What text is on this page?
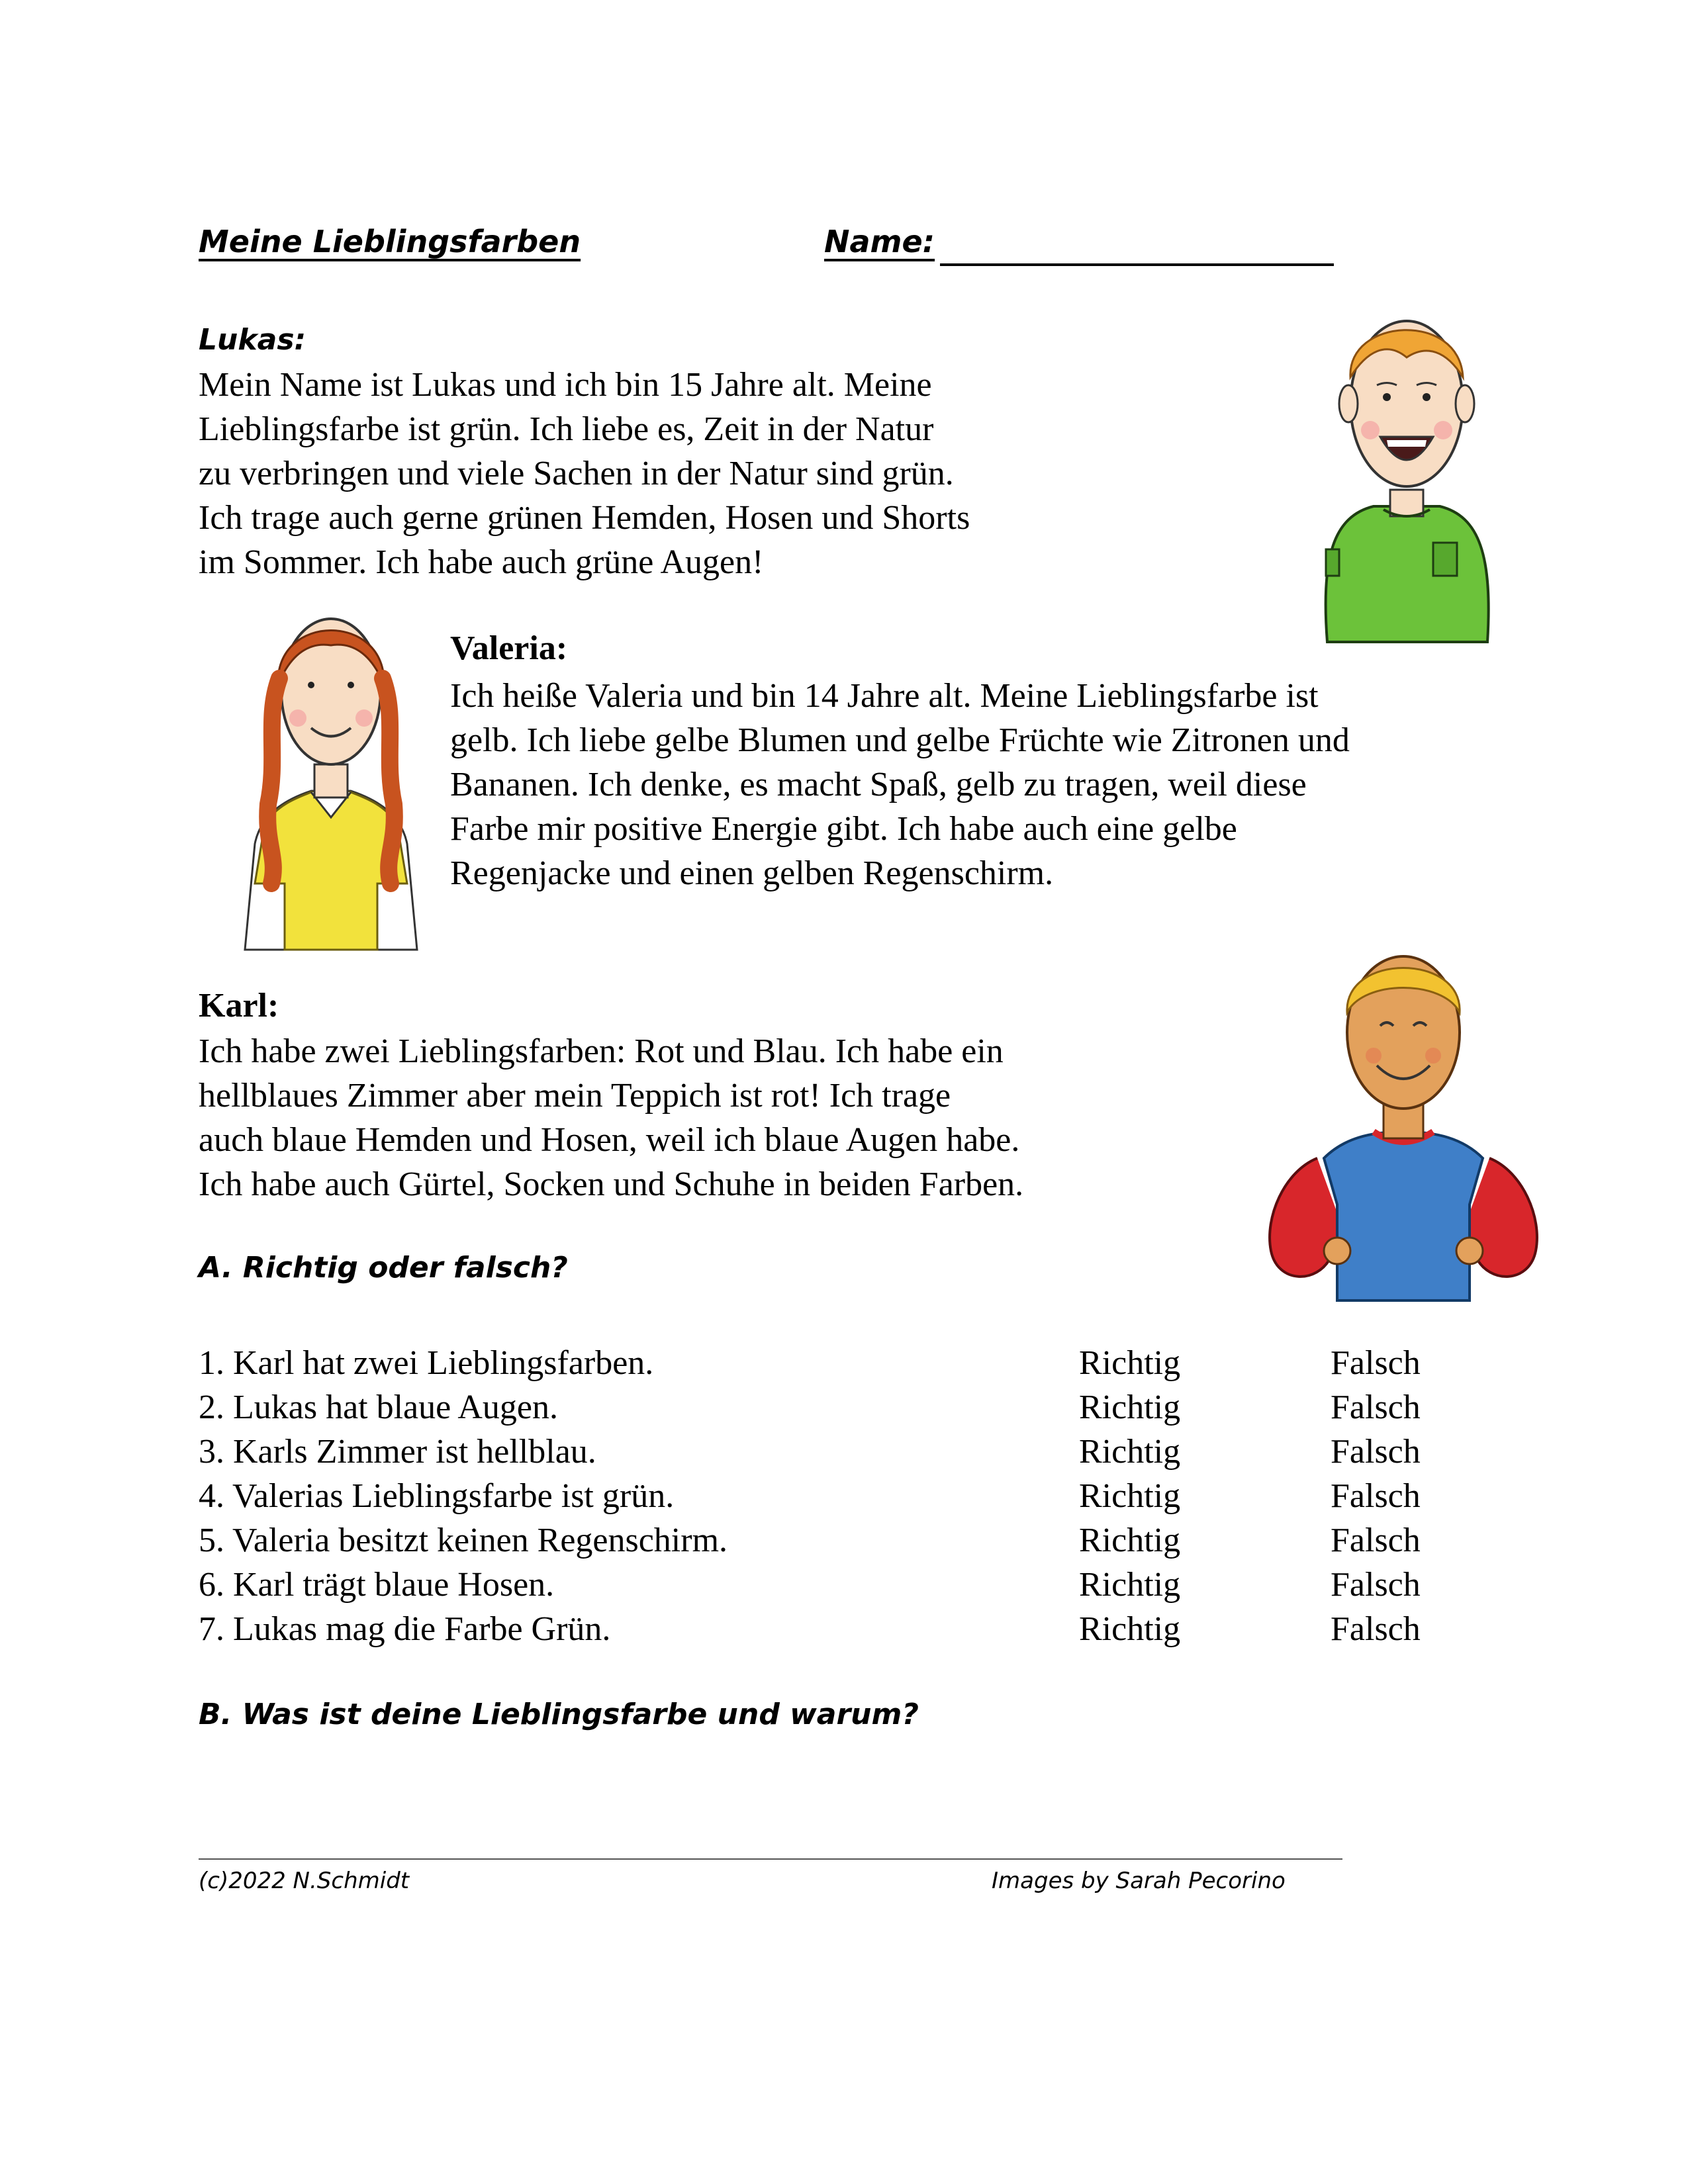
Meine Lieblingsfarben	Name:
Lukas:
Mein Name ist Lukas und ich bin 15 Jahre alt. Meine
Lieblingsfarbe ist grün. Ich liebe es, Zeit in der Natur
zu verbringen und viele Sachen in der Natur sind grün.
Ich trage auch gerne grünen Hemden, Hosen und Shorts
im Sommer. Ich habe auch grüne Augen!
Valeria:
Ich heiße Valeria und bin 14 Jahre alt. Meine Lieblingsfarbe ist
gelb. Ich liebe gelbe Blumen und gelbe Früchte wie Zitronen und
Bananen. Ich denke, es macht Spaß, gelb zu tragen, weil diese
Farbe mir positive Energie gibt. Ich habe auch eine gelbe
Regenjacke und einen gelben Regenschirm.
Karl:
Ich habe zwei Lieblingsfarben: Rot und Blau. Ich habe ein
hellblaues Zimmer aber mein Teppich ist rot! Ich trage
auch blaue Hemden und Hosen, weil ich blaue Augen habe.
Ich habe auch Gürtel, Socken und Schuhe in beiden Farben.
A. Richtig oder falsch?
1. Karl hat zwei Lieblingsfarben.	Richtig	Falsch
2. Lukas hat blaue Augen.	Richtig	Falsch
3. Karls Zimmer ist hellblau.	Richtig	Falsch
4. Valerias Lieblingsfarbe ist grün.	Richtig	Falsch
5. Valeria besitzt keinen Regenschirm.	Richtig	Falsch
6. Karl trägt blaue Hosen.	Richtig	Falsch
7. Lukas mag die Farbe Grün.	Richtig	Falsch
B. Was ist deine Lieblingsfarbe und warum?
(c)2022 N.Schmidt	Images by Sarah Pecorino
